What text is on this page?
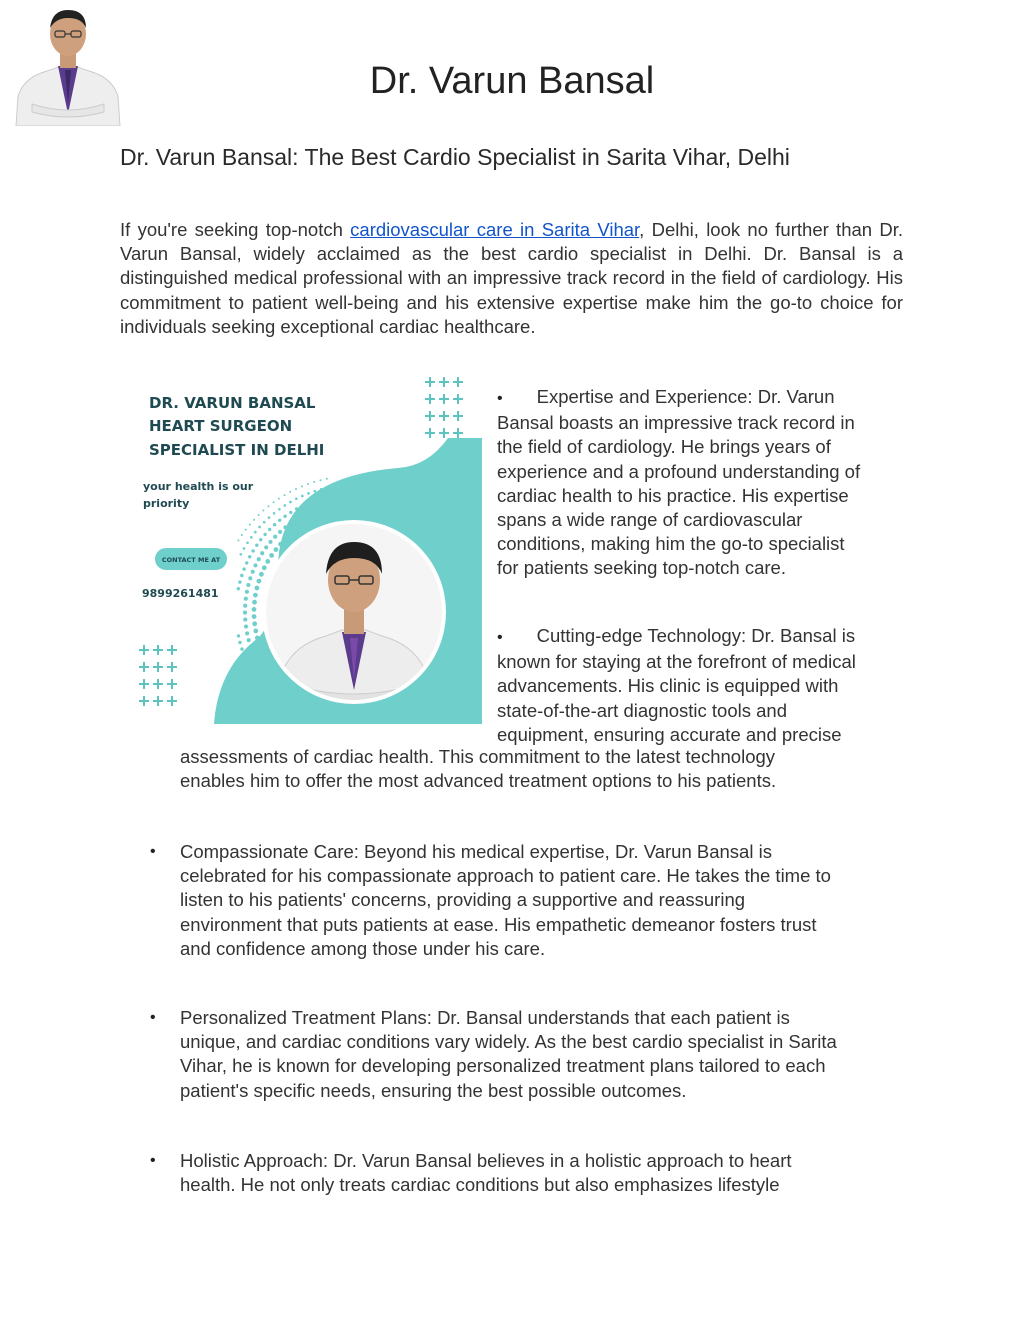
Dr. Varun Bansal
Dr. Varun Bansal: The Best Cardio Specialist in Sarita Vihar, Delhi
If you're seeking top-notch cardiovascular care in Sarita Vihar, Delhi, look no further than Dr. Varun Bansal, widely acclaimed as the best cardio specialist in Delhi. Dr. Bansal is a distinguished medical professional with an impressive track record in the field of cardiology. His commitment to patient well-being and his extensive expertise make him the go-to choice for individuals seeking exceptional cardiac healthcare.
DR. VARUN BANSAL
HEART SURGEON
SPECIALIST IN DELHI
your health is our
priority
CONTACT ME AT
9899261481
• Expertise and Experience: Dr. Varun
Bansal boasts an impressive track record in
the field of cardiology. He brings years of
experience and a profound understanding of
cardiac health to his practice. His expertise
spans a wide range of cardiovascular
conditions, making him the go-to specialist
for patients seeking top-notch care.
• Cutting-edge Technology: Dr. Bansal is
known for staying at the forefront of medical
advancements. His clinic is equipped with
state-of-the-art diagnostic tools and
equipment, ensuring accurate and precise
assessments of cardiac health. This commitment to the latest technology
enables him to offer the most advanced treatment options to his patients.
• Compassionate Care: Beyond his medical expertise, Dr. Varun Bansal is
celebrated for his compassionate approach to patient care. He takes the time to
listen to his patients' concerns, providing a supportive and reassuring
environment that puts patients at ease. His empathetic demeanor fosters trust
and confidence among those under his care.
• Personalized Treatment Plans: Dr. Bansal understands that each patient is
unique, and cardiac conditions vary widely. As the best cardio specialist in Sarita
Vihar, he is known for developing personalized treatment plans tailored to each
patient's specific needs, ensuring the best possible outcomes.
• Holistic Approach: Dr. Varun Bansal believes in a holistic approach to heart
health. He not only treats cardiac conditions but also emphasizes lifestyle
